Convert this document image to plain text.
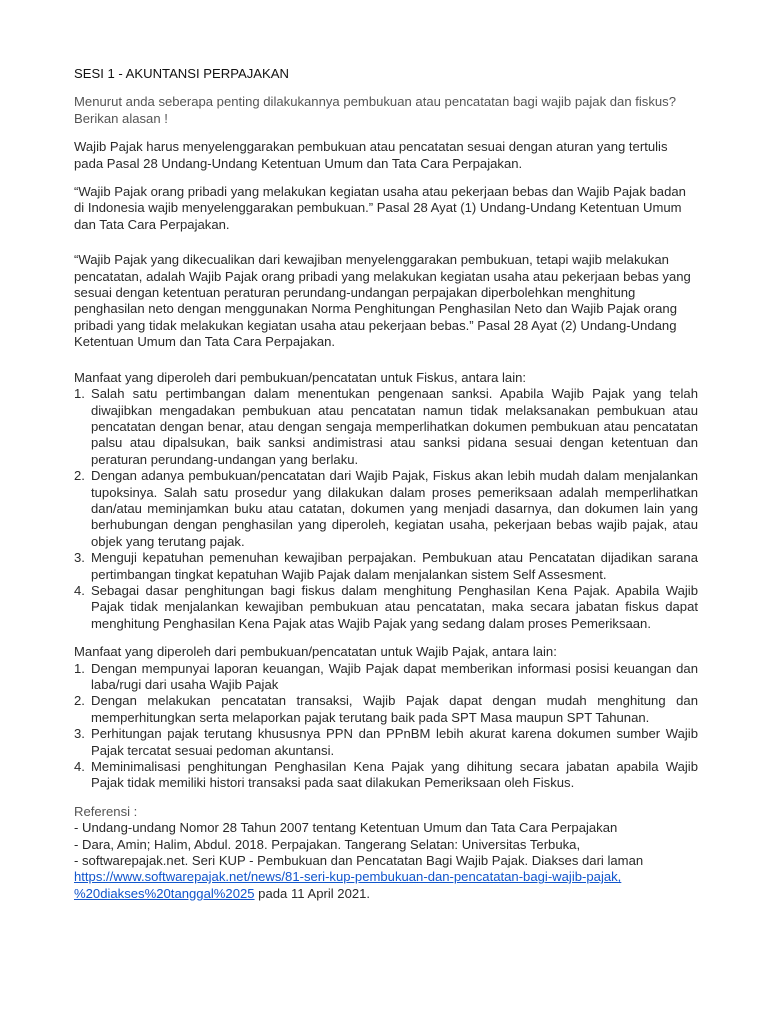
SESI 1 - AKUNTANSI PERPAJAKAN

Menurut anda seberapa penting dilakukannya pembukuan atau pencatatan bagi wajib pajak dan fiskus? Berikan alasan !

Wajib Pajak harus menyelenggarakan pembukuan atau pencatatan sesuai dengan aturan yang tertulis pada Pasal 28 Undang-Undang Ketentuan Umum dan Tata Cara Perpajakan.

“Wajib Pajak orang pribadi yang melakukan kegiatan usaha atau pekerjaan bebas dan Wajib Pajak badan di Indonesia wajib menyelenggarakan pembukuan.” Pasal 28 Ayat (1) Undang-Undang Ketentuan Umum dan Tata Cara Perpajakan.

“Wajib Pajak yang dikecualikan dari kewajiban menyelenggarakan pembukuan, tetapi wajib melakukan pencatatan, adalah Wajib Pajak orang pribadi yang melakukan kegiatan usaha atau pekerjaan bebas yang sesuai dengan ketentuan peraturan perundang-undangan perpajakan diperbolehkan menghitung penghasilan neto dengan menggunakan Norma Penghitungan Penghasilan Neto dan Wajib Pajak orang pribadi yang tidak melakukan kegiatan usaha atau pekerjaan bebas.” Pasal 28 Ayat (2) Undang-Undang Ketentuan Umum dan Tata Cara Perpajakan.

Manfaat yang diperoleh dari pembukuan/pencatatan untuk Fiskus, antara lain:

1. Salah satu pertimbangan dalam menentukan pengenaan sanksi. Apabila Wajib Pajak yang telah diwajibkan mengadakan pembukuan atau pencatatan namun tidak melaksanakan pembukuan atau pencatatan dengan benar, atau dengan sengaja memperlihatkan dokumen pembukuan atau pencatatan palsu atau dipalsukan, baik sanksi andimistrasi atau sanksi pidana sesuai dengan ketentuan dan peraturan perundang-undangan yang berlaku.
2. Dengan adanya pembukuan/pencatatan dari Wajib Pajak, Fiskus akan lebih mudah dalam menjalankan tupoksinya. Salah satu prosedur yang dilakukan dalam proses pemeriksaan adalah memperlihatkan dan/atau meminjamkan buku atau catatan, dokumen yang menjadi dasarnya, dan dokumen lain yang berhubungan dengan penghasilan yang diperoleh, kegiatan usaha, pekerjaan bebas wajib pajak, atau objek yang terutang pajak.
3. Menguji kepatuhan pemenuhan kewajiban perpajakan. Pembukuan atau Pencatatan dijadikan sarana pertimbangan tingkat kepatuhan Wajib Pajak dalam menjalankan sistem Self Assesment.
4. Sebagai dasar penghitungan bagi fiskus dalam menghitung Penghasilan Kena Pajak. Apabila Wajib Pajak tidak menjalankan kewajiban pembukuan atau pencatatan, maka secara jabatan fiskus dapat menghitung Penghasilan Kena Pajak atas Wajib Pajak yang sedang dalam proses Pemeriksaan.

Manfaat yang diperoleh dari pembukuan/pencatatan untuk Wajib Pajak, antara lain:

1. Dengan mempunyai laporan keuangan, Wajib Pajak dapat memberikan informasi posisi keuangan dan laba/rugi dari usaha Wajib Pajak
2. Dengan melakukan pencatatan transaksi, Wajib Pajak dapat dengan mudah menghitung dan memperhitungkan serta melaporkan pajak terutang baik pada SPT Masa maupun SPT Tahunan.
3. Perhitungan pajak terutang khususnya PPN dan PPnBM lebih akurat karena dokumen sumber Wajib Pajak tercatat sesuai pedoman akuntansi.
4. Meminimalisasi penghitungan Penghasilan Kena Pajak yang dihitung secara jabatan apabila Wajib Pajak tidak memiliki histori transaksi pada saat dilakukan Pemeriksaan oleh Fiskus.

Referensi :

- Undang-undang Nomor 28 Tahun 2007 tentang Ketentuan Umum dan Tata Cara Perpajakan

- Dara, Amin; Halim, Abdul. 2018. Perpajakan. Tangerang Selatan: Universitas Terbuka,

- softwarepajak.net. Seri KUP - Pembukuan dan Pencatatan Bagi Wajib Pajak. Diakses dari laman https://www.softwarepajak.net/news/81-seri-kup-pembukuan-dan-pencatatan-bagi-wajib-pajak,
%20diakses%20tanggal%2025 pada 11 April 2021.
